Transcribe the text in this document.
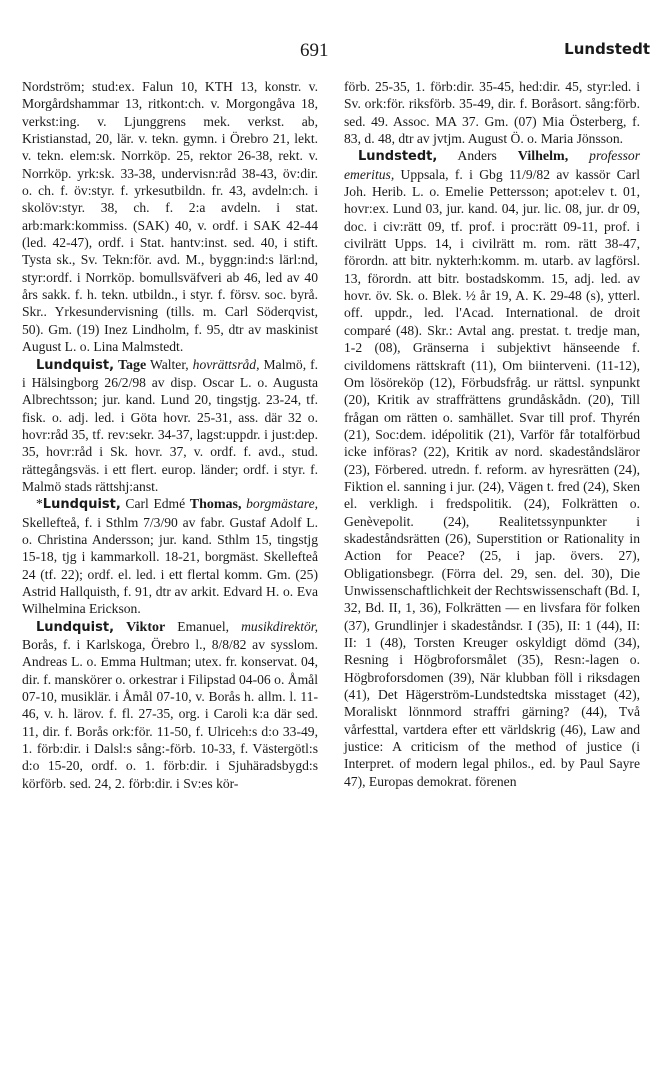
691	Lundstedt

Nordström; stud:ex. Falun 10, KTH 13, konstr. v. Morgårdshammar 13, ritkont:ch. v. Morgongåva 18, verkst:ing. v. Ljunggrens mek. verkst. ab, Kristianstad, 20, lär. v. tekn. gymn. i Örebro 21, lekt. v. tekn. elem:sk. Norrköp. 25, rektor 26-38, rekt. v. Norrköp. yrk:sk. 33-38, undervisn:råd 38-43, öv:dir. o. ch. f. öv:styr. f. yrkesutbildn. fr. 43, avdeln:ch. i skolöv:styr. 38, ch. f. 2:a avdeln. i stat. arb:mark:kommiss. (SAK) 40, v. ordf. i SAK 42-44 (led. 42-47), ordf. i Stat. hantv:inst. sed. 40, i stift. Tysta sk., Sv. Tekn:för. avd. M., byggn:ind:s lärl:nd, styr:ordf. i Norrköp. bomullsväfveri ab 46, led av 40 års sakk. f. h. tekn. utbildn., i styr. f. försv. soc. byrå. Skr.. Yrkesundervisning (tills. m. Carl Söderqvist, 50). Gm. (19) Inez Lindholm, f. 95, dtr av maskinist August L. o. Lina Malmstedt.

Lundquist, Tage Walter, hovrättsråd, Malmö, f. i Hälsingborg 26/2/98 av disp. Oscar L. o. Augusta Albrechtsson; jur. kand. Lund 20, tingstjg. 23-24, tf. fisk. o. adj. led. i Göta hovr. 25-31, ass. där 32 o. hovr:råd 35, tf. rev:sekr. 34-37, lagst:uppdr. i just:dep. 35, hovr:råd i Sk. hovr. 37, v. ordf. f. avd., stud. rättegångsväs. i ett flert. europ. länder; ordf. i styr. f. Malmö stads rättshj:anst.

*Lundquist, Carl Edmé Thomas, borgmästare, Skellefteå, f. i Sthlm 7/3/90 av fabr. Gustaf Adolf L. o. Christina Andersson; jur. kand. Sthlm 15, tingstjg 15-18, tjg i kammarkoll. 18-21, borgmäst. Skellefteå 24 (tf. 22); ordf. el. led. i ett flertal komm. Gm. (25) Astrid Hallquisth, f. 91, dtr av arkit. Edvard H. o. Eva Wilhelmina Erickson.

Lundquist, Viktor Emanuel, musikdirektör, Borås, f. i Karlskoga, Örebro l., 8/8/82 av sysslom. Andreas L. o. Emma Hultman; utex. fr. konservat. 04, dir. f. manskörer o. orkestrar i Filipstad 04-06 o. Åmål 07-10, musiklär. i Åmål 07-10, v. Borås h. allm. l. 11-46, v. h. lärov. f. fl. 27-35, org. i Caroli k:a där sed. 11, dir. f. Borås ork:för. 11-50, f. Ulriceh:s d:o 33-49, 1. förb:dir. i Dalsl:s sång:-förb. 10-33, f. Västergötl:s d:o 15-20, ordf. o. 1. förb:dir. i Sjuhäradsbygd:s körförb. sed. 24, 2. förb:dir. i Sv:es kör-

förb. 25-35, 1. förb:dir. 35-45, hed:dir. 45, styr:led. i Sv. ork:för. riksförb. 35-49, dir. f. Boråsort. sång:förb. sed. 49. Assoc. MA 37. Gm. (07) Mia Österberg, f. 83, d. 48, dtr av jvtjm. August Ö. o. Maria Jönsson.

Lundstedt, Anders Vilhelm, professor emeritus, Uppsala, f. i Gbg 11/9/82 av kassör Carl Joh. Herib. L. o. Emelie Pettersson; apot:elev t. 01, hovr:ex. Lund 03, jur. kand. 04, jur. lic. 08, jur. dr 09, doc. i civ:rätt 09, tf. prof. i proc:rätt 09-11, prof. i civilrätt Upps. 14, i civilrätt m. rom. rätt 38-47, förordn. att bitr. nykterh:komm. m. utarb. av lagförsl. 13, förordn. att bitr. bostadskomm. 15, adj. led. av hovr. öv. Sk. o. Blek. ½ år 19, A. K. 29-48 (s), ytterl. off. uppdr., led. l'Acad. International. de droit comparé (48). Skr.: Avtal ang. prestat. t. tredje man, 1-2 (08), Gränserna i subjektivt hänseende f. civildomens rättskraft (11), Om biinterveni. (11-12), Om lösöreköp (12), Förbudsfråg. ur rättsl. synpunkt (20), Kritik av straffrättens grundåskådn. (20), Till frågan om rätten o. samhället. Svar till prof. Thyrén (21), Soc:dem. idépolitik (21), Varför får totalförbud icke införas? (22), Kritik av nord. skadeståndsläror (23), Förbered. utredn. f. reform. av hyresrätten (24), Fiktion el. sanning i jur. (24), Vägen t. fred (24), Sken el. verkligh. i fredspolitik. (24), Folkrätten o. Genèvepolit. (24), Realitetssynpunkter i skadeståndsrätten (26), Superstition or Rationality in Action for Peace? (25, i jap. övers. 27), Obligationsbegr. (Förra del. 29, sen. del. 30), Die Unwissenschaftlichkeit der Rechtswissenschaft (Bd. I, 32, Bd. II, 1, 36), Folkrätten — en livsfara för folken (37), Grundlinjer i skadeståndsr. I (35), II: 1 (44), II: II: 1 (48), Torsten Kreuger oskyldigt dömd (34), Resning i Högbroforsmålet (35), Resn:-lagen o. Högbroforsdomen (39), När klubban föll i riksdagen (41), Det Hägerström-Lundstedtska misstaget (42), Moraliskt lönnmord straffri gärning? (44), Två vårfesttal, vartdera efter ett världskrig (46), Law and justice: A criticism of the method of justice (i Interpret. of modern legal philos., ed. by Paul Sayre 47), Europas demokrat. förenen
